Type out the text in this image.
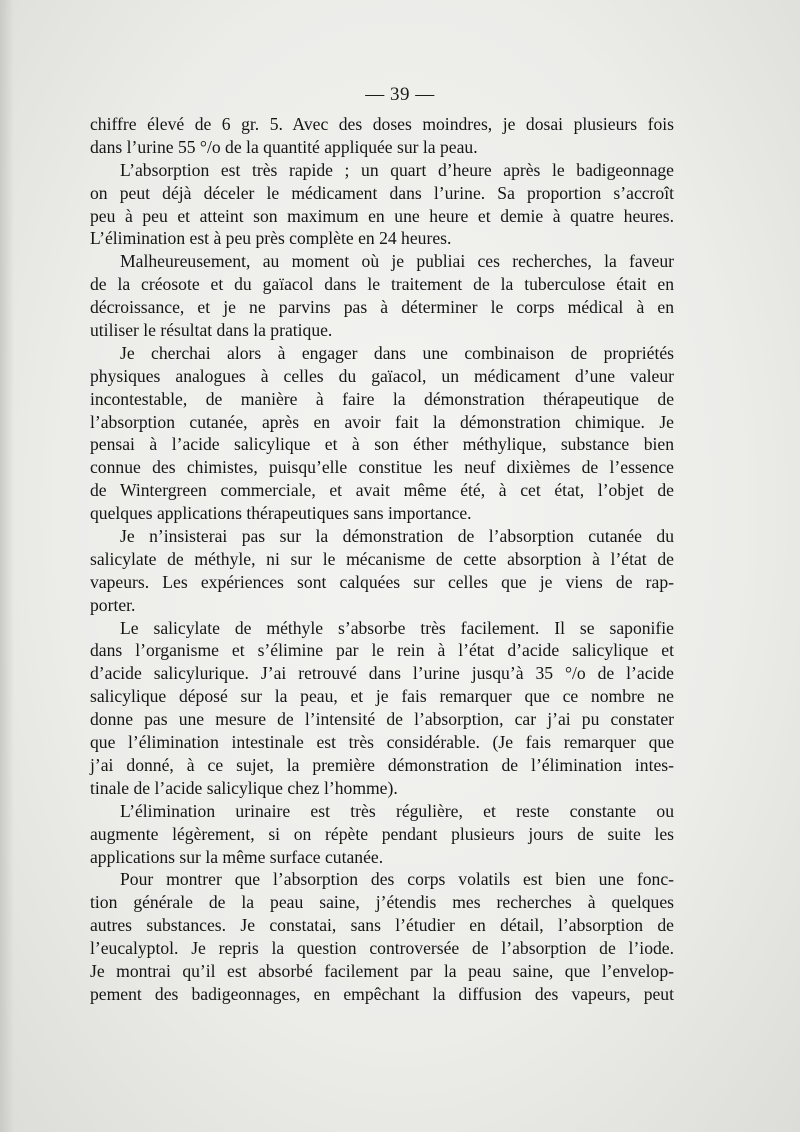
— 39 —
chiffre élevé de 6 gr. 5. Avec des doses moindres, je dosai plusieurs fois
dans l’urine 55 °/o de la quantité appliquée sur la peau.
L’absorption est très rapide ; un quart d’heure après le badigeonnage
on peut déjà déceler le médicament dans l’urine. Sa proportion s’accroît
peu à peu et atteint son maximum en une heure et demie à quatre heures.
L’élimination est à peu près complète en 24 heures.
Malheureusement, au moment où je publiai ces recherches, la faveur
de la créosote et du gaïacol dans le traitement de la tuberculose était en
décroissance, et je ne parvins pas à déterminer le corps médical à en
utiliser le résultat dans la pratique.
Je cherchai alors à engager dans une combinaison de propriétés
physiques analogues à celles du gaïacol, un médicament d’une valeur
incontestable, de manière à faire la démonstration thérapeutique de
l’absorption cutanée, après en avoir fait la démonstration chimique. Je
pensai à l’acide salicylique et à son éther méthylique, substance bien
connue des chimistes, puisqu’elle constitue les neuf dixièmes de l’essence
de Wintergreen commerciale, et avait même été, à cet état, l’objet de
quelques applications thérapeutiques sans importance.
Je n’insisterai pas sur la démonstration de l’absorption cutanée du
salicylate de méthyle, ni sur le mécanisme de cette absorption à l’état de
vapeurs. Les expériences sont calquées sur celles que je viens de rap-
porter.
Le salicylate de méthyle s’absorbe très facilement. Il se saponifie
dans l’organisme et s’élimine par le rein à l’état d’acide salicylique et
d’acide salicylurique. J’ai retrouvé dans l’urine jusqu’à 35 °/o de l’acide
salicylique déposé sur la peau, et je fais remarquer que ce nombre ne
donne pas une mesure de l’intensité de l’absorption, car j’ai pu constater
que l’élimination intestinale est très considérable. (Je fais remarquer que
j’ai donné, à ce sujet, la première démonstration de l’élimination intes-
tinale de l’acide salicylique chez l’homme).
L’élimination urinaire est très régulière, et reste constante ou
augmente légèrement, si on répète pendant plusieurs jours de suite les
applications sur la même surface cutanée.
Pour montrer que l’absorption des corps volatils est bien une fonc-
tion générale de la peau saine, j’étendis mes recherches à quelques
autres substances. Je constatai, sans l’étudier en détail, l’absorption de
l’eucalyptol. Je repris la question controversée de l’absorption de l’iode.
Je montrai qu’il est absorbé facilement par la peau saine, que l’envelop-
pement des badigeonnages, en empêchant la diffusion des vapeurs, peut
